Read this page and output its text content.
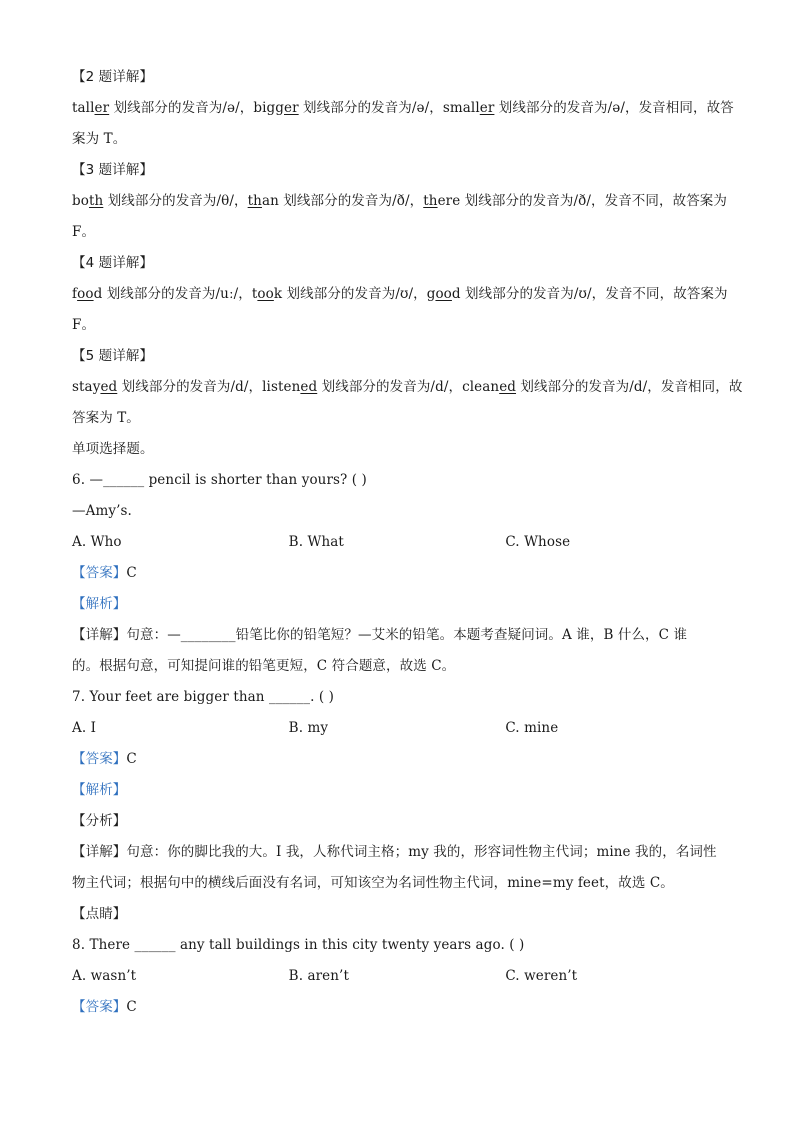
【2 题详解】
taller 划线部分的发音为/ə/，bigger 划线部分的发音为/ə/，smaller 划线部分的发音为/ə/，发音相同，故答
案为 T。
【3 题详解】
both 划线部分的发音为/θ/，than 划线部分的发音为/ð/，there 划线部分的发音为/ð/，发音不同，故答案为
F。
【4 题详解】
food 划线部分的发音为/uː/，took 划线部分的发音为/ʊ/，good 划线部分的发音为/ʊ/，发音不同，故答案为
F。
【5 题详解】
stayed 划线部分的发音为/d/，listened 划线部分的发音为/d/，cleaned 划线部分的发音为/d/，发音相同，故
答案为 T。
单项选择题。
6. —______ pencil is shorter than yours? ( )
—Amy’s.
A. Who	B. What	C. Whose
【答案】C
【解析】
【详解】句意：—________铅笔比你的铅笔短？—艾米的铅笔。本题考查疑问词。A 谁，B 什么，C 谁
的。根据句意，可知提问谁的铅笔更短，C 符合题意，故选 C。
7. Your feet are bigger than ______. ( )
A. I	B. my	C. mine
【答案】C
【解析】
【分析】
【详解】句意：你的脚比我的大。I 我，人称代词主格；my 我的，形容词性物主代词；mine 我的，名词性
物主代词；根据句中的横线后面没有名词，可知该空为名词性物主代词，mine=my feet，故选 C。
【点睛】
8. There ______ any tall buildings in this city twenty years ago. ( )
A. wasn’t	B. aren’t	C. weren’t
【答案】C
